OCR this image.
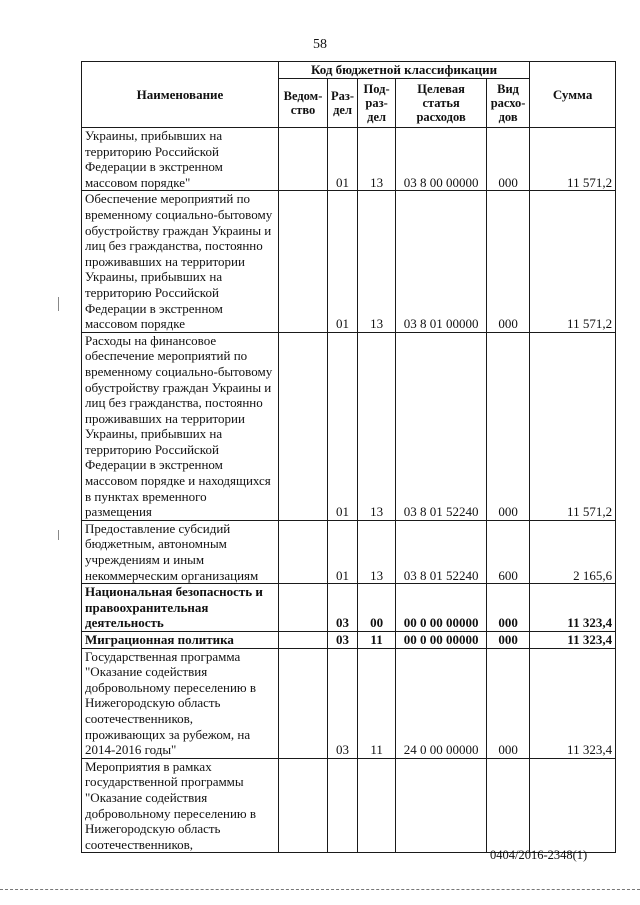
58
Наименование	Код бюджетной классификации					Сумма
	Ведом-ство	Раз-дел	Под-раз-дел	Целевая статья расходов	Вид расхо-дов	
Украины, прибывших на территорию Российской Федерации в экстренном массовом порядке"		01	13	03 8 00 00000	000	11 571,2
Обеспечение мероприятий по временному социально-бытовому обустройству граждан Украины и лиц без гражданства, постоянно проживавших на территории Украины, прибывших на территорию Российской Федерации в экстренном массовом порядке		01	13	03 8 01 00000	000	11 571,2
Расходы на финансовое обеспечение мероприятий по временному социально-бытовому обустройству граждан Украины и лиц без гражданства, постоянно проживавших на территории Украины, прибывших на территорию Российской Федерации в экстренном массовом порядке и находящихся в пунктах временного размещения		01	13	03 8 01 52240	000	11 571,2
Предоставление субсидий бюджетным, автономным учреждениям и иным некоммерческим организациям		01	13	03 8 01 52240	600	2 165,6
Национальная безопасность и правоохранительная деятельность		03	00	00 0 00 00000	000	11 323,4
Миграционная политика		03	11	00 0 00 00000	000	11 323,4
Государственная программа "Оказание содействия добровольному переселению в Нижегородскую область соотечественников, проживающих за рубежом, на 2014-2016 годы"		03	11	24 0 00 00000	000	11 323,4
Мероприятия в рамках государственной программы "Оказание содействия добровольному переселению в Нижегородскую область соотечественников,						
0404/2016-2348(1)
